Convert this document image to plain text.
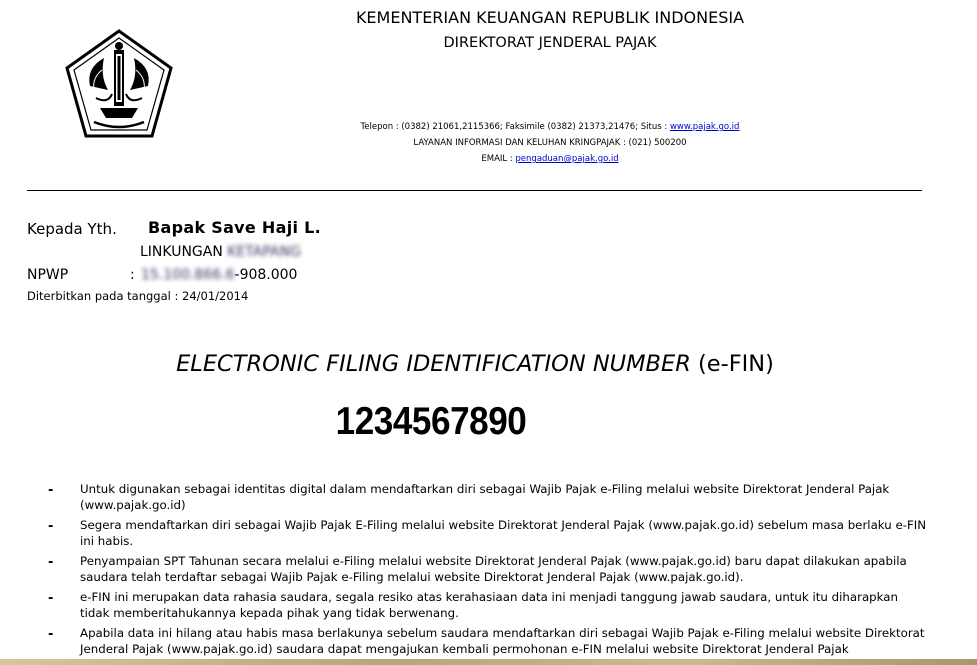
KEMENTERIAN KEUANGAN REPUBLIK INDONESIA
DIREKTORAT JENDERAL PAJAK
Telepon : (0382) 21061,2115366; Faksimile (0382) 21373,21476; Situs : www.pajak.go.id
LAYANAN INFORMASI DAN KELUHAN KRINGPAJAK : (021) 500200
EMAIL : pengaduan@pajak.go.id
Kepada Yth. Bapak Save Haji L.
LINKUNGAN KETAPANG
NPWP	: 15.100.866.6-908.000
Diterbitkan pada tanggal : 24/01/2014
ELECTRONIC FILING IDENTIFICATION NUMBER (e-FIN)
1234567890
- Untuk digunakan sebagai identitas digital dalam mendaftarkan diri sebagai Wajib Pajak e-Filing melalui website Direktorat Jenderal Pajak (www.pajak.go.id)
- Segera mendaftarkan diri sebagai Wajib Pajak E-Filing melalui website Direktorat Jenderal Pajak (www.pajak.go.id) sebelum masa berlaku e-FIN ini habis.
- Penyampaian SPT Tahunan secara melalui e-Filing melalui website Direktorat Jenderal Pajak (www.pajak.go.id) baru dapat dilakukan apabila saudara telah terdaftar sebagai Wajib Pajak e-Filing melalui website Direktorat Jenderal Pajak (www.pajak.go.id).
- e-FIN ini merupakan data rahasia saudara, segala resiko atas kerahasiaan data ini menjadi tanggung jawab saudara, untuk itu diharapkan tidak memberitahukannya kepada pihak yang tidak berwenang.
- Apabila data ini hilang atau habis masa berlakunya sebelum saudara mendaftarkan diri sebagai Wajib Pajak e-Filing melalui website Direktorat Jenderal Pajak (www.pajak.go.id) saudara dapat mengajukan kembali permohonan e-FIN melalui website Direktorat Jenderal Pajak
